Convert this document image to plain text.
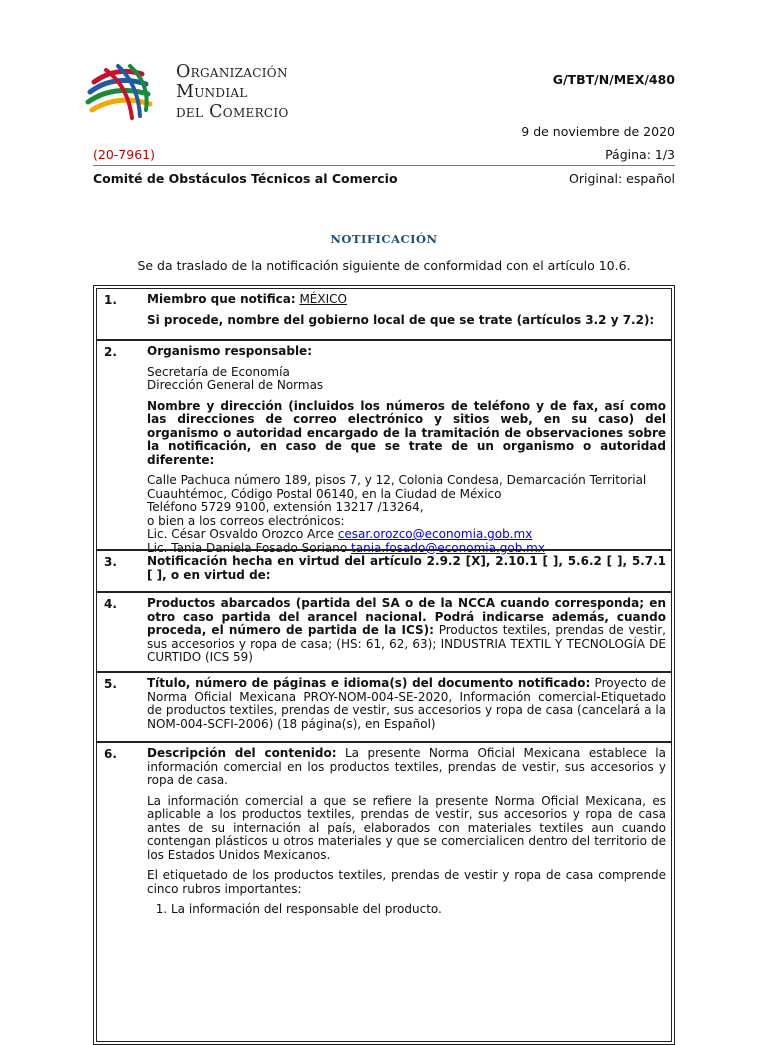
Organización
Mundial
del Comercio
G/TBT/N/MEX/480
9 de noviembre de 2020
(20-7961)	Página: 1/3
Comité de Obstáculos Técnicos al Comercio	Original: español
NOTIFICACIÓN
Se da traslado de la notificación siguiente de conformidad con el artículo 10.6.
1.	Miembro que notifica: MÉXICO

Si procede, nombre del gobierno local de que se trate (artículos 3.2 y 7.2):

2.	Organismo responsable:

Secretaría de Economía
Dirección General de Normas

Nombre y dirección (incluidos los números de teléfono y de fax, así como las direcciones de correo electrónico y sitios web, en su caso) del organismo o autoridad encargado de la tramitación de observaciones sobre la notificación, en caso de que se trate de un organismo o autoridad diferente:

Calle Pachuca número 189, pisos 7, y 12, Colonia Condesa, Demarcación Territorial
Cuauhtémoc, Código Postal 06140, en la Ciudad de México
Teléfono 5729 9100, extensión 13217 /13264,
o bien a los correos electrónicos:
Lic. César Osvaldo Orozco Arce cesar.orozco@economia.gob.mx
Lic. Tania Daniela Fosado Soriano tania.fosado@economia.gob.mx

3.	Notificación hecha en virtud del artículo 2.9.2 [X], 2.10.1 [ ], 5.6.2 [ ], 5.7.1 [ ], o en virtud de:

4.	Productos abarcados (partida del SA o de la NCCA cuando corresponda; en otro caso partida del arancel nacional. Podrá indicarse además, cuando proceda, el número de partida de la ICS): Productos textiles, prendas de vestir, sus accesorios y ropa de casa; (HS: 61, 62, 63); INDUSTRIA TEXTIL Y TECNOLOGÍA DE CURTIDO (ICS 59)

5.	Título, número de páginas e idioma(s) del documento notificado: Proyecto de Norma Oficial Mexicana PROY-NOM-004-SE-2020, Información comercial-Etiquetado de productos textiles, prendas de vestir, sus accesorios y ropa de casa (cancelará a la NOM-004-SCFI-2006) (18 página(s), en Español)

6.	Descripción del contenido: La presente Norma Oficial Mexicana establece la información comercial en los productos textiles, prendas de vestir, sus accesorios y ropa de casa.

La información comercial a que se refiere la presente Norma Oficial Mexicana, es aplicable a los productos textiles, prendas de vestir, sus accesorios y ropa de casa antes de su internación al país, elaborados con materiales textiles aun cuando contengan plásticos u otros materiales y que se comercialicen dentro del territorio de los Estados Unidos Mexicanos.

El etiquetado de los productos textiles, prendas de vestir y ropa de casa comprende cinco rubros importantes:

1. La información del responsable del producto.
